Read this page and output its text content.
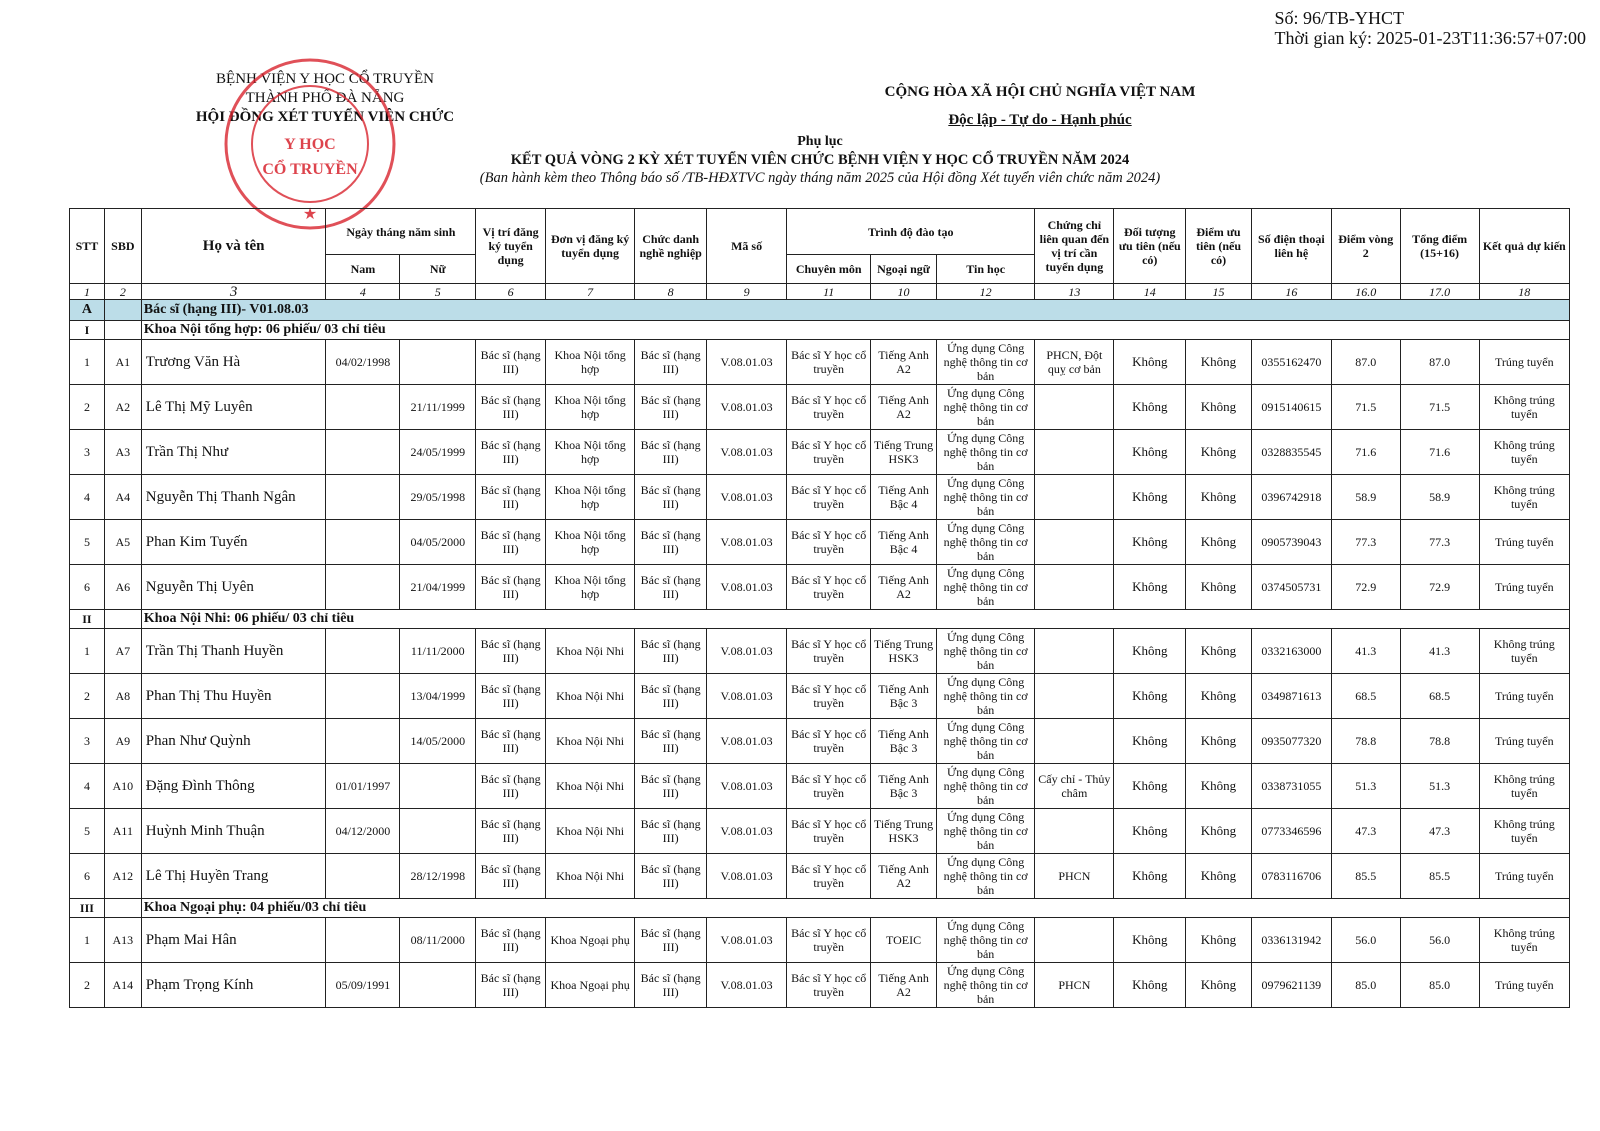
Số: 96/TB-YHCT
Thời gian ký: 2025-01-23T11:36:57+07:00
BỆNH VIỆN Y HỌC CỔ TRUYỀN
THÀNH PHỐ ĐÀ NẴNG
HỘI ĐỒNG XÉT TUYỂN VIÊN CHỨC
Y HỌC
CỔ TRUYỀN
★
CỘNG HÒA XÃ HỘI CHỦ NGHĨA VIỆT NAM
Độc lập - Tự do - Hạnh phúc
Phụ lục
KẾT QUẢ VÒNG 2 KỲ XÉT TUYỂN VIÊN CHỨC BỆNH VIỆN Y HỌC CỔ TRUYỀN NĂM 2024
(Ban hành kèm theo Thông báo số /TB-HĐXTVC ngày tháng năm 2025 của Hội đồng Xét tuyển viên chức năm 2024)
STT	SBD	Họ và tên	Ngày tháng năm sinh		Vị trí đăng ký tuyển dụng	Đơn vị đăng ký tuyển dụng	Chức danh nghề nghiệp	Mã số	Trình độ đào tạo			Chứng chỉ liên quan đến vị trí cần tuyển dụng	Đối tượng ưu tiên (nếu có)	Điểm ưu tiên (nếu có)	Số điện thoại liên hệ	Điểm vòng 2	Tổng điểm (15+16)	Kết quả dự kiến
			Nam	Nữ					Chuyên môn	Ngoại ngữ	Tin học							
1	2	3	4	5	6	7	8	9	11	10	12	13	14	15	16	16.0	17.0	18
A		Bác sĩ (hạng III)- V01.08.03																
I		Khoa Nội tổng hợp: 06 phiếu/ 03 chỉ tiêu																
1	A1	Trương Văn Hà	04/02/1998		Bác sĩ (hạng III)	Khoa Nội tổng hợp	Bác sĩ (hạng III)	V.08.01.03	Bác sĩ Y học cổ truyền	Tiếng Anh A2	Ứng dụng Công nghệ thông tin cơ bản	PHCN, Đột quỵ cơ bản	Không	Không	0355162470	87.0	87.0	Trúng tuyển
2	A2	Lê Thị Mỹ Luyên		21/11/1999	Bác sĩ (hạng III)	Khoa Nội tổng hợp	Bác sĩ (hạng III)	V.08.01.03	Bác sĩ Y học cổ truyền	Tiếng Anh A2	Ứng dụng Công nghệ thông tin cơ bản		Không	Không	0915140615	71.5	71.5	Không trúng tuyển
3	A3	Trần Thị Như		24/05/1999	Bác sĩ (hạng III)	Khoa Nội tổng hợp	Bác sĩ (hạng III)	V.08.01.03	Bác sĩ Y học cổ truyền	Tiếng Trung HSK3	Ứng dụng Công nghệ thông tin cơ bản		Không	Không	0328835545	71.6	71.6	Không trúng tuyển
4	A4	Nguyễn Thị Thanh Ngân		29/05/1998	Bác sĩ (hạng III)	Khoa Nội tổng hợp	Bác sĩ (hạng III)	V.08.01.03	Bác sĩ Y học cổ truyền	Tiếng Anh Bậc 4	Ứng dụng Công nghệ thông tin cơ bản		Không	Không	0396742918	58.9	58.9	Không trúng tuyển
5	A5	Phan Kim Tuyến		04/05/2000	Bác sĩ (hạng III)	Khoa Nội tổng hợp	Bác sĩ (hạng III)	V.08.01.03	Bác sĩ Y học cổ truyền	Tiếng Anh Bậc 4	Ứng dụng Công nghệ thông tin cơ bản		Không	Không	0905739043	77.3	77.3	Trúng tuyển
6	A6	Nguyễn Thị Uyên		21/04/1999	Bác sĩ (hạng III)	Khoa Nội tổng hợp	Bác sĩ (hạng III)	V.08.01.03	Bác sĩ Y học cổ truyền	Tiếng Anh A2	Ứng dụng Công nghệ thông tin cơ bản		Không	Không	0374505731	72.9	72.9	Trúng tuyển
II		Khoa Nội Nhi: 06 phiếu/ 03 chỉ tiêu																
1	A7	Trần Thị Thanh Huyền		11/11/2000	Bác sĩ (hạng III)	Khoa Nội Nhi	Bác sĩ (hạng III)	V.08.01.03	Bác sĩ Y học cổ truyền	Tiếng Trung HSK3	Ứng dụng Công nghệ thông tin cơ bản		Không	Không	0332163000	41.3	41.3	Không trúng tuyển
2	A8	Phan Thị Thu Huyền		13/04/1999	Bác sĩ (hạng III)	Khoa Nội Nhi	Bác sĩ (hạng III)	V.08.01.03	Bác sĩ Y học cổ truyền	Tiếng Anh Bậc 3	Ứng dụng Công nghệ thông tin cơ bản		Không	Không	0349871613	68.5	68.5	Trúng tuyển
3	A9	Phan Như Quỳnh		14/05/2000	Bác sĩ (hạng III)	Khoa Nội Nhi	Bác sĩ (hạng III)	V.08.01.03	Bác sĩ Y học cổ truyền	Tiếng Anh Bậc 3	Ứng dụng Công nghệ thông tin cơ bản		Không	Không	0935077320	78.8	78.8	Trúng tuyển
4	A10	Đặng Đình Thông	01/01/1997		Bác sĩ (hạng III)	Khoa Nội Nhi	Bác sĩ (hạng III)	V.08.01.03	Bác sĩ Y học cổ truyền	Tiếng Anh Bậc 3	Ứng dụng Công nghệ thông tin cơ bản	Cấy chỉ - Thủy châm	Không	Không	0338731055	51.3	51.3	Không trúng tuyển
5	A11	Huỳnh Minh Thuận	04/12/2000		Bác sĩ (hạng III)	Khoa Nội Nhi	Bác sĩ (hạng III)	V.08.01.03	Bác sĩ Y học cổ truyền	Tiếng Trung HSK3	Ứng dụng Công nghệ thông tin cơ bản		Không	Không	0773346596	47.3	47.3	Không trúng tuyển
6	A12	Lê Thị Huyền Trang		28/12/1998	Bác sĩ (hạng III)	Khoa Nội Nhi	Bác sĩ (hạng III)	V.08.01.03	Bác sĩ Y học cổ truyền	Tiếng Anh A2	Ứng dụng Công nghệ thông tin cơ bản	PHCN	Không	Không	0783116706	85.5	85.5	Trúng tuyển
III		Khoa Ngoại phụ: 04 phiếu/03 chỉ tiêu																
1	A13	Phạm Mai Hân		08/11/2000	Bác sĩ (hạng III)	Khoa Ngoại phụ	Bác sĩ (hạng III)	V.08.01.03	Bác sĩ Y học cổ truyền	TOEIC	Ứng dụng Công nghệ thông tin cơ bản		Không	Không	0336131942	56.0	56.0	Không trúng tuyển
2	A14	Phạm Trọng Kính	05/09/1991		Bác sĩ (hạng III)	Khoa Ngoại phụ	Bác sĩ (hạng III)	V.08.01.03	Bác sĩ Y học cổ truyền	Tiếng Anh A2	Ứng dụng Công nghệ thông tin cơ bản	PHCN	Không	Không	0979621139	85.0	85.0	Trúng tuyển
